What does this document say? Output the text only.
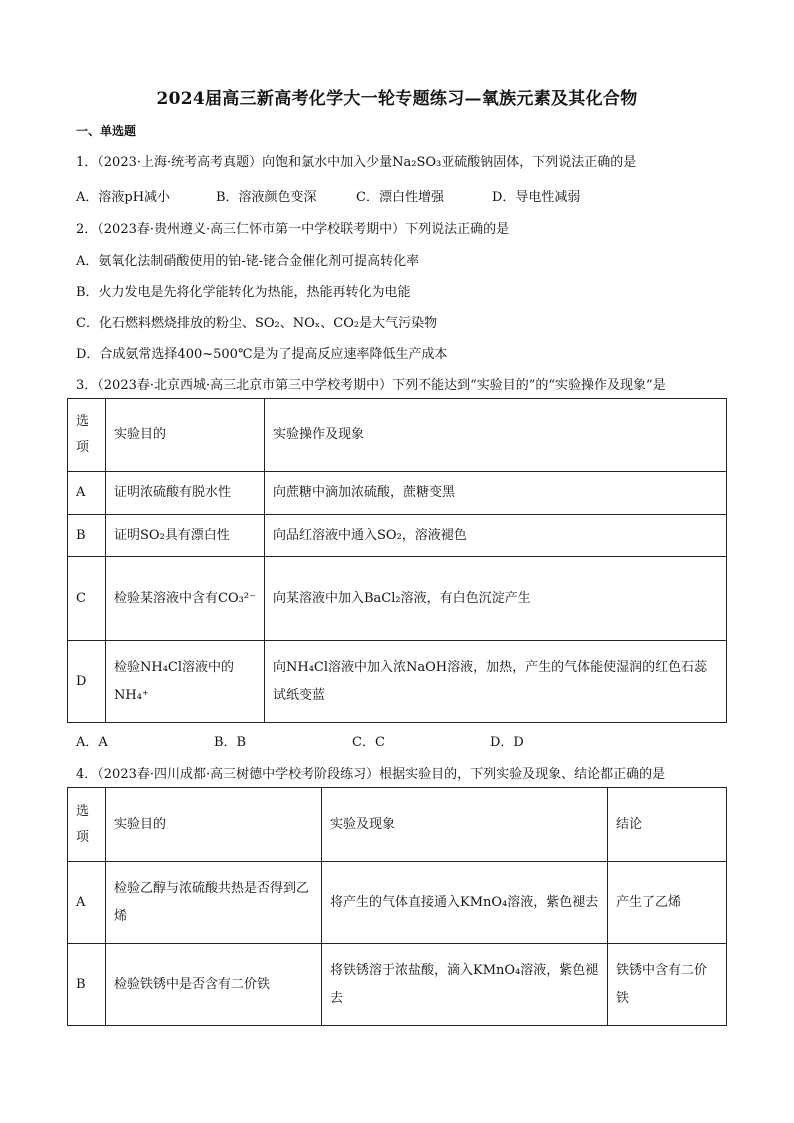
2024届高三新高考化学大一轮专题练习—氧族元素及其化合物
一、单选题
1．（2023·上海·统考高考真题）向饱和氯水中加入少量Na₂SO₃亚硫酸钠固体，下列说法正确的是
A．溶液pH减小	B．溶液颜色变深	C．漂白性增强	D．导电性减弱
2．（2023春·贵州遵义·高三仁怀市第一中学校联考期中）下列说法正确的是
A．氨氧化法制硝酸使用的铂-铑-铑合金催化剂可提高转化率
B．火力发电是先将化学能转化为热能，热能再转化为电能
C．化石燃料燃烧排放的粉尘、SO₂、NOₓ、CO₂是大气污染物
D．合成氨常选择400~500℃是为了提高反应速率降低生产成本
3．（2023春·北京西城·高三北京市第三中学校考期中）下列不能达到“实验目的”的“实验操作及现象”是
选项	实验目的	实验操作及现象
A	证明浓硫酸有脱水性	向蔗糖中滴加浓硫酸，蔗糖变黑
B	证明SO₂具有漂白性	向品红溶液中通入SO₂，溶液褪色
C	检验某溶液中含有CO₃²⁻	向某溶液中加入BaCl₂溶液，有白色沉淀产生
D	检验NH₄Cl溶液中的NH₄⁺	向NH₄Cl溶液中加入浓NaOH溶液，加热，产生的气体能使湿润的红色石蕊试纸变蓝
A．A	B．B	C．C	D．D
4．（2023春·四川成都·高三树德中学校考阶段练习）根据实验目的，下列实验及现象、结论都正确的是
选项	实验目的	实验及现象	结论
A	检验乙醇与浓硫酸共热是否得到乙烯	将产生的气体直接通入KMnO₄溶液，紫色褪去	产生了乙烯
B	检验铁锈中是否含有二价铁	将铁锈溶于浓盐酸，滴入KMnO₄溶液，紫色褪去	铁锈中含有二价铁
